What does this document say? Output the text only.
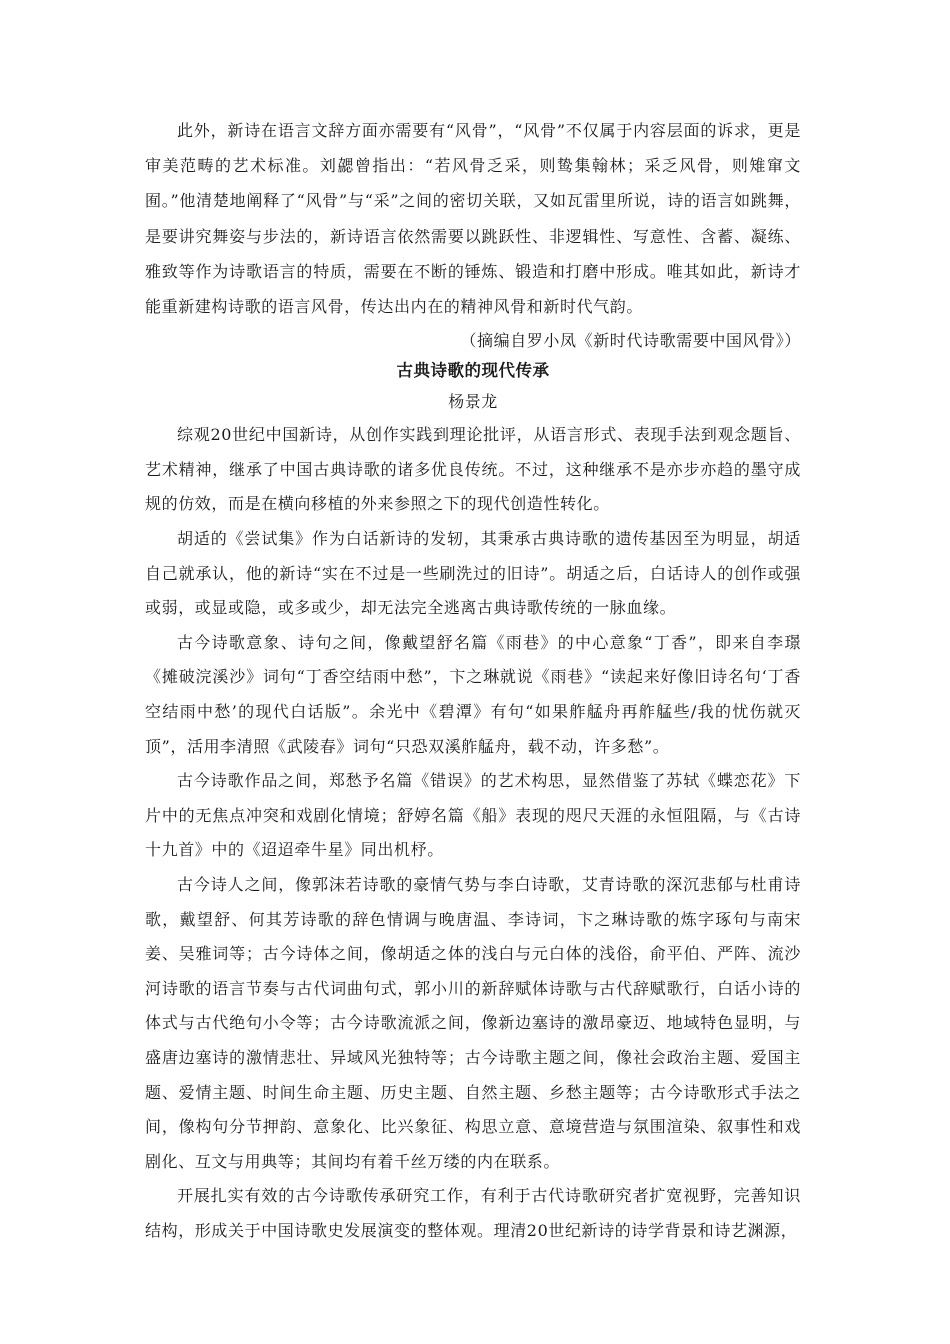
此外，新诗在语言文辞方面亦需要有“风骨”，“风骨”不仅属于内容层面的诉求，更是审美范畴的艺术标准。刘勰曾指出：“若风骨乏采，则鸷集翰林；采乏风骨，则雉窜文囿。”他清楚地阐释了“风骨”与“采”之间的密切关联，又如瓦雷里所说，诗的语言如跳舞，是要讲究舞姿与步法的，新诗语言依然需要以跳跃性、非逻辑性、写意性、含蓄、凝练、雅致等作为诗歌语言的特质，需要在不断的锤炼、锻造和打磨中形成。唯其如此，新诗才能重新建构诗歌的语言风骨，传达出内在的精神风骨和新时代气韵。

（摘编自罗小凤《新时代诗歌需要中国风骨》）

古典诗歌的现代传承

杨景龙

综观20世纪中国新诗，从创作实践到理论批评，从语言形式、表现手法到观念题旨、艺术精神，继承了中国古典诗歌的诸多优良传统。不过，这种继承不是亦步亦趋的墨守成规的仿效，而是在横向移植的外来参照之下的现代创造性转化。

胡适的《尝试集》作为白话新诗的发轫，其秉承古典诗歌的遗传基因至为明显，胡适自己就承认，他的新诗“实在不过是一些刷洗过的旧诗”。胡适之后，白话诗人的创作或强或弱，或显或隐，或多或少，却无法完全逃离古典诗歌传统的一脉血缘。

古今诗歌意象、诗句之间，像戴望舒名篇《雨巷》的中心意象“丁香”，即来自李璟《摊破浣溪沙》词句“丁香空结雨中愁”，卞之琳就说《雨巷》“读起来好像旧诗名句‘丁香空结雨中愁’的现代白话版”。余光中《碧潭》有句“如果舴艋舟再舴艋些/我的忧伤就灭顶”，活用李清照《武陵春》词句“只恐双溪舴艋舟，载不动，许多愁”。

古今诗歌作品之间，郑愁予名篇《错误》的艺术构思，显然借鉴了苏轼《蝶恋花》下片中的无焦点冲突和戏剧化情境；舒婷名篇《船》表现的咫尺天涯的永恒阻隔，与《古诗十九首》中的《迢迢牵牛星》同出机杼。

古今诗人之间，像郭沫若诗歌的豪情气势与李白诗歌，艾青诗歌的深沉悲郁与杜甫诗歌，戴望舒、何其芳诗歌的辞色情调与晚唐温、李诗词，卞之琳诗歌的炼字琢句与南宋姜、吴雅词等；古今诗体之间，像胡适之体的浅白与元白体的浅俗，俞平伯、严阵、流沙河诗歌的语言节奏与古代词曲句式，郭小川的新辞赋体诗歌与古代辞赋歌行，白话小诗的体式与古代绝句小令等；古今诗歌流派之间，像新边塞诗的激昂豪迈、地域特色显明，与盛唐边塞诗的激情悲壮、异域风光独特等；古今诗歌主题之间，像社会政治主题、爱国主题、爱情主题、时间生命主题、历史主题、自然主题、乡愁主题等；古今诗歌形式手法之间，像构句分节押韵、意象化、比兴象征、构思立意、意境营造与氛围渲染、叙事性和戏剧化、互文与用典等；其间均有着千丝万缕的内在联系。

开展扎实有效的古今诗歌传承研究工作，有利于古代诗歌研究者扩宽视野，完善知识结构，形成关于中国诗歌史发展演变的整体观。理清20世纪新诗的诗学背景和诗艺渊源，
